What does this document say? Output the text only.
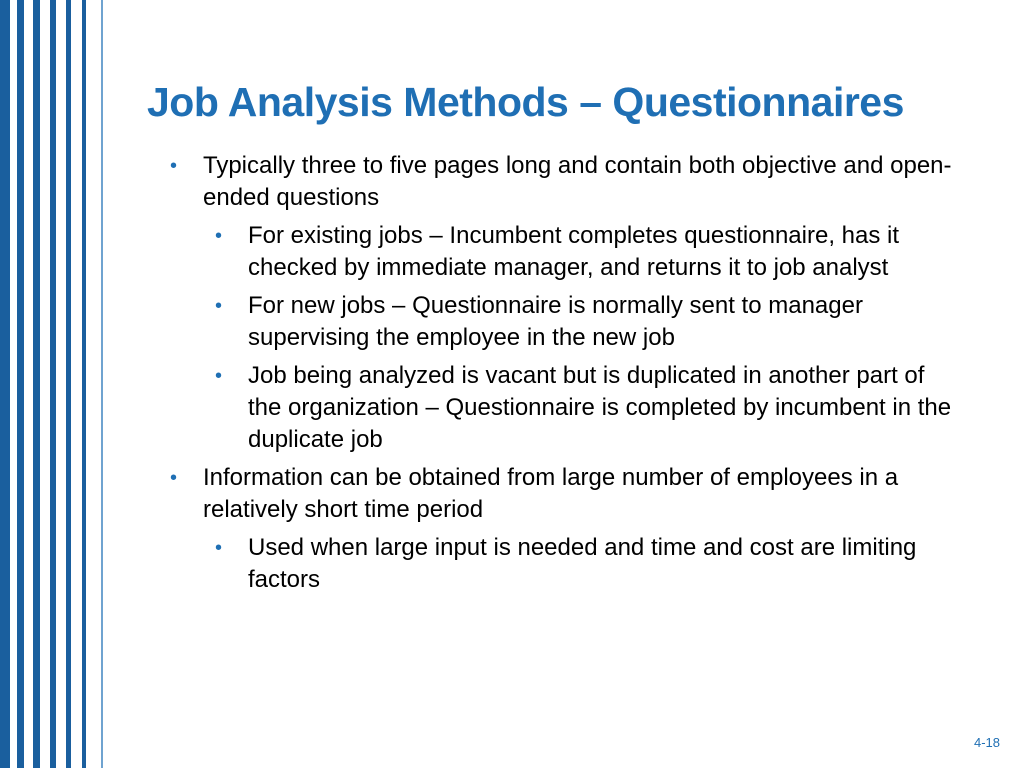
Job Analysis Methods – Questionnaires
• Typically three to five pages long and contain both objective and open-ended questions
• For existing jobs – Incumbent completes questionnaire, has it checked by immediate manager, and returns it to job analyst
• For new jobs – Questionnaire is normally sent to manager supervising the employee in the new job
• Job being analyzed is vacant but is duplicated in another part of the organization – Questionnaire is completed by incumbent in the duplicate job
• Information can be obtained from large number of employees in a relatively short time period
• Used when large input is needed and time and cost are limiting factors
4-18
